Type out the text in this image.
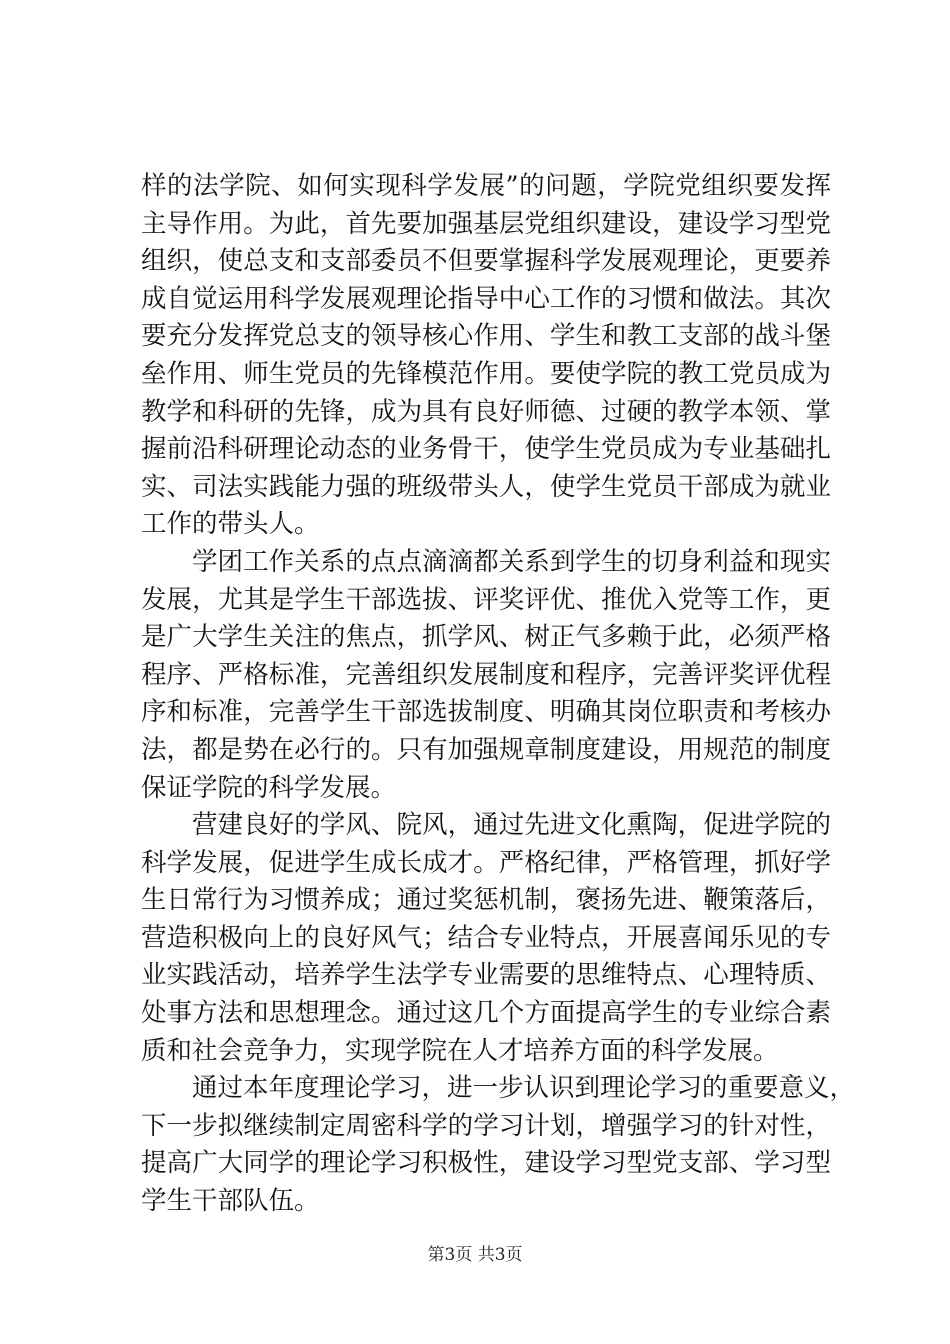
样的法学院、如何实现科学发展”的问题，学院党组织要发挥
主导作用。为此，首先要加强基层党组织建设，建设学习型党
组织，使总支和支部委员不但要掌握科学发展观理论，更要养
成自觉运用科学发展观理论指导中心工作的习惯和做法。其次
要充分发挥党总支的领导核心作用、学生和教工支部的战斗堡
垒作用、师生党员的先锋模范作用。要使学院的教工党员成为
教学和科研的先锋，成为具有良好师德、过硬的教学本领、掌
握前沿科研理论动态的业务骨干，使学生党员成为专业基础扎
实、司法实践能力强的班级带头人，使学生党员干部成为就业
工作的带头人。
学团工作关系的点点滴滴都关系到学生的切身利益和现实
发展，尤其是学生干部选拔、评奖评优、推优入党等工作，更
是广大学生关注的焦点，抓学风、树正气多赖于此，必须严格
程序、严格标准，完善组织发展制度和程序，完善评奖评优程
序和标准，完善学生干部选拔制度、明确其岗位职责和考核办
法，都是势在必行的。只有加强规章制度建设，用规范的制度
保证学院的科学发展。
营建良好的学风、院风，通过先进文化熏陶，促进学院的
科学发展，促进学生成长成才。严格纪律，严格管理，抓好学
生日常行为习惯养成；通过奖惩机制，褒扬先进、鞭策落后，
营造积极向上的良好风气；结合专业特点，开展喜闻乐见的专
业实践活动，培养学生法学专业需要的思维特点、心理特质、
处事方法和思想理念。通过这几个方面提高学生的专业综合素
质和社会竞争力，实现学院在人才培养方面的科学发展。
通过本年度理论学习，进一步认识到理论学习的重要意义，
下一步拟继续制定周密科学的学习计划，增强学习的针对性，
提高广大同学的理论学习积极性，建设学习型党支部、学习型
学生干部队伍。
第3页 共3页
